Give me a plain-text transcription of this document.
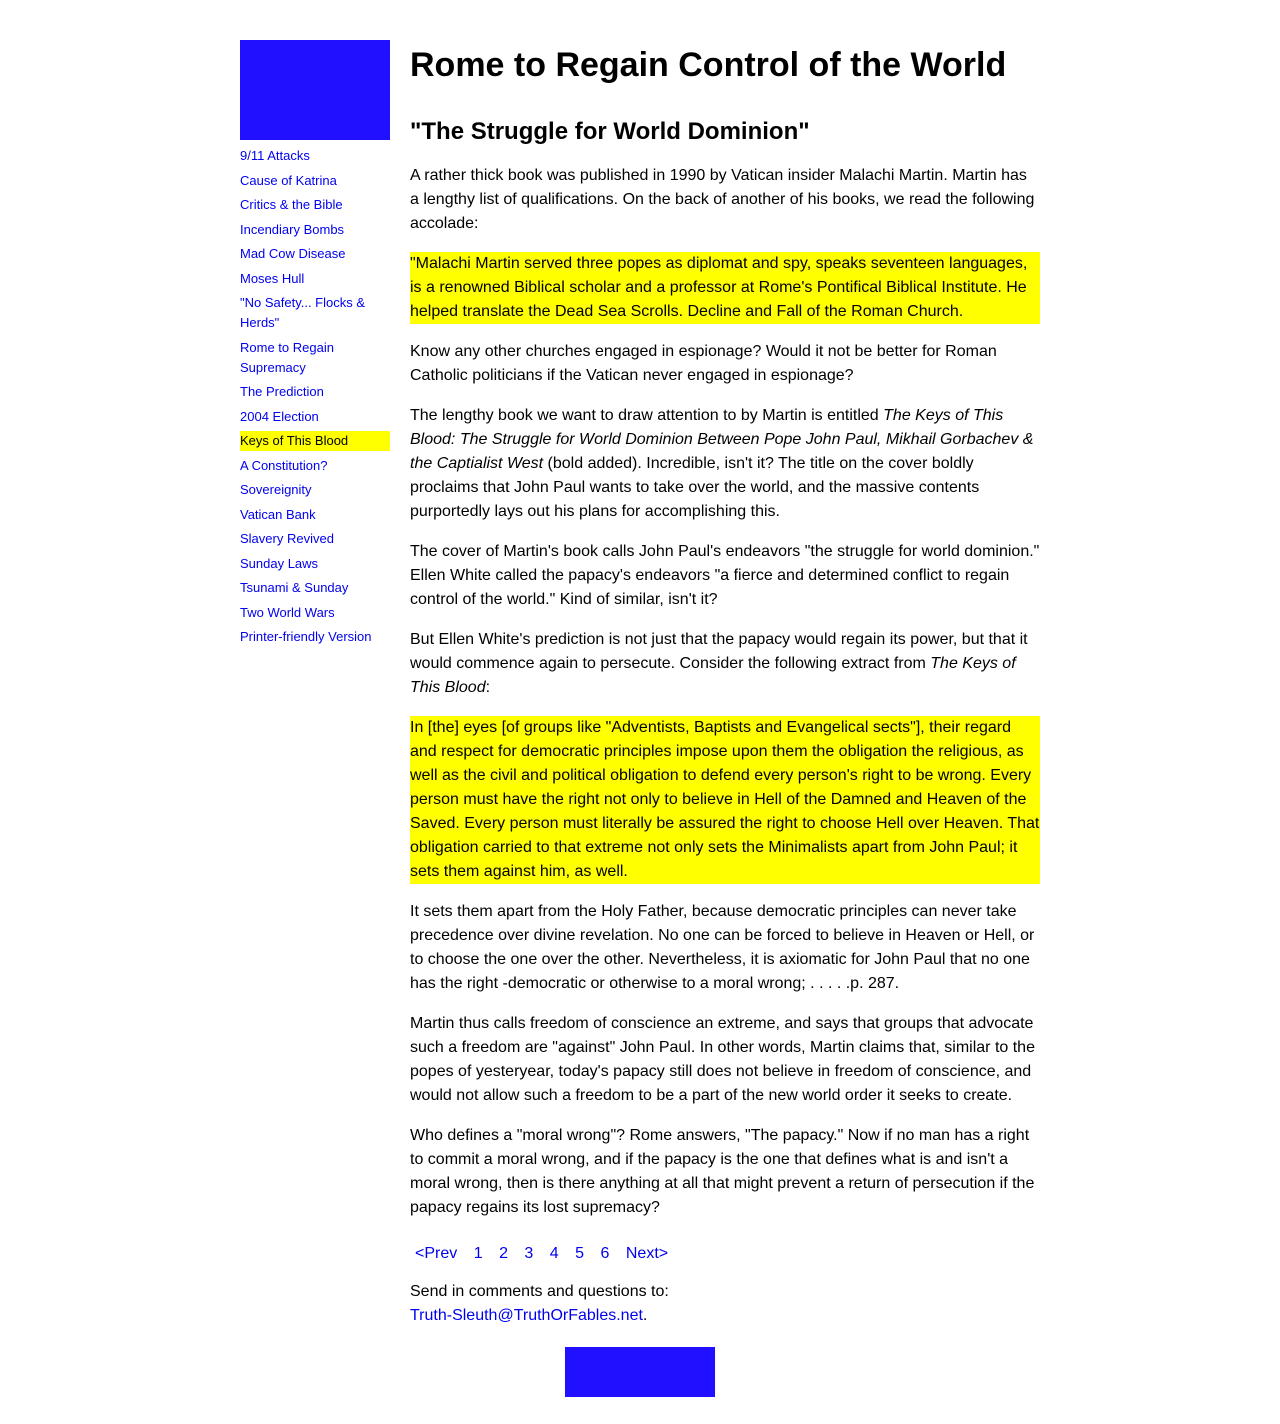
9/11 Attacks
Cause of Katrina
Critics & the Bible
Incendiary Bombs
Mad Cow Disease
Moses Hull
"No Safety... Flocks & Herds"
Rome to Regain Supremacy
The Prediction
2004 Election
Keys of This Blood
A Constitution?
Sovereignity
Vatican Bank
Slavery Revived
Sunday Laws
Tsunami & Sunday
Two World Wars
Printer-friendly Version
Rome to Regain Control of the World
"The Struggle for World Dominion"

A rather thick book was published in 1990 by Vatican insider Malachi Martin. Martin has a lengthy list of qualifications. On the back of another of his books, we read the following accolade:

"Malachi Martin served three popes as diplomat and spy, speaks seventeen languages, is a renowned Biblical scholar and a professor at Rome's Pontifical Biblical Institute. He helped translate the Dead Sea Scrolls. Decline and Fall of the Roman Church.

Know any other churches engaged in espionage? Would it not be better for Roman Catholic politicians if the Vatican never engaged in espionage?

The lengthy book we want to draw attention to by Martin is entitled The Keys of This Blood: The Struggle for World Dominion Between Pope John Paul, Mikhail Gorbachev & the Captialist West (bold added). Incredible, isn't it? The title on the cover boldly proclaims that John Paul wants to take over the world, and the massive contents purportedly lays out his plans for accomplishing this.

The cover of Martin's book calls John Paul's endeavors "the struggle for world dominion." Ellen White called the papacy's endeavors "a fierce and determined conflict to regain control of the world." Kind of similar, isn't it?

But Ellen White's prediction is not just that the papacy would regain its power, but that it would commence again to persecute. Consider the following extract from The Keys of This Blood:

In [the] eyes [of groups like "Adventists, Baptists and Evangelical sects"], their regard and respect for democratic principles impose upon them the obligation the religious, as well as the civil and political obligation to defend every person's right to be wrong. Every person must have the right not only to believe in Hell of the Damned and Heaven of the Saved. Every person must literally be assured the right to choose Hell over Heaven. That obligation carried to that extreme not only sets the Minimalists apart from John Paul; it sets them against him, as well.

It sets them apart from the Holy Father, because democratic principles can never take precedence over divine revelation. No one can be forced to believe in Heaven or Hell, or to choose the one over the other. Nevertheless, it is axiomatic for John Paul that no one has the right -democratic or otherwise to a moral wrong; . . . . .p. 287.

Martin thus calls freedom of conscience an extreme, and says that groups that advocate such a freedom are "against" John Paul. In other words, Martin claims that, similar to the popes of yesteryear, today's papacy still does not believe in freedom of conscience, and would not allow such a freedom to be a part of the new world order it seeks to create.

Who defines a "moral wrong"? Rome answers, "The papacy." Now if no man has a right to commit a moral wrong, and if the papacy is the one that defines what is and isn't a moral wrong, then is there anything at all that might prevent a return of persecution if the papacy regains its lost supremacy?

<Prev 1 2 3 4 5 6 Next>

Send in comments and questions to:
Truth-Sleuth@TruthOrFables.net.
